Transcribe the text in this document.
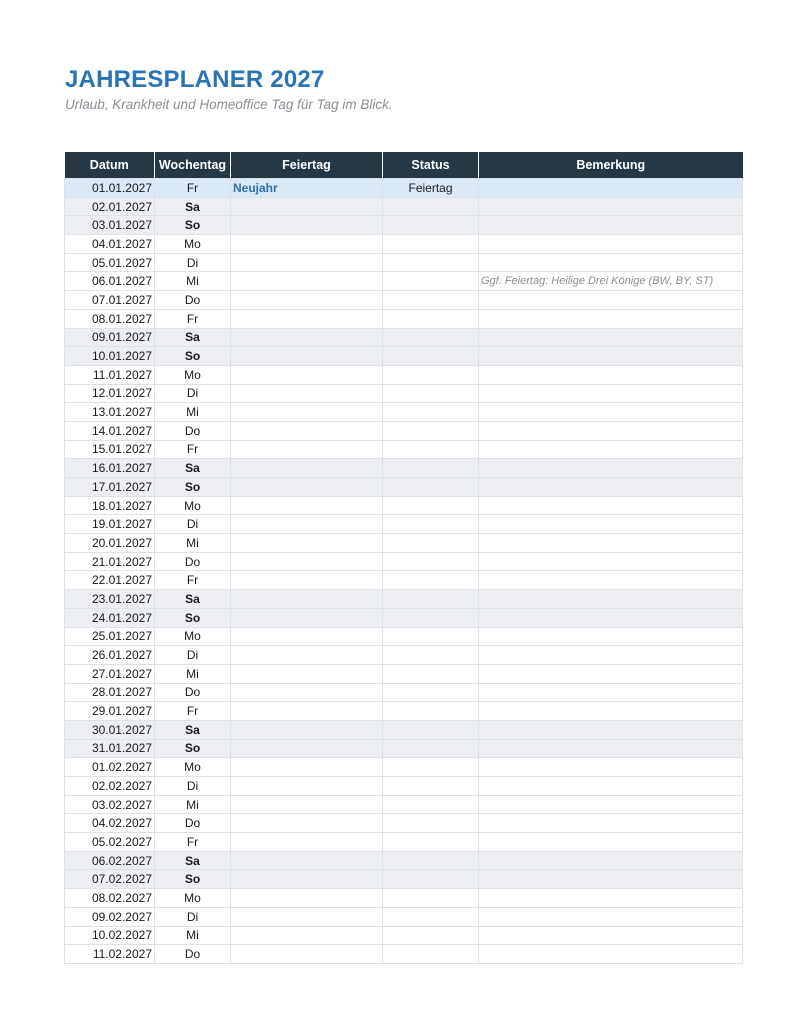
JAHRESPLANER 2027

Urlaub, Krankheit und Homeoffice Tag für Tag im Blick.

Datum	Wochentag	Feiertag	Status	Bemerkung
01.01.2027	Fr	Neujahr	Feiertag	
02.01.2027	Sa			
03.01.2027	So			
04.01.2027	Mo			
05.01.2027	Di			
06.01.2027	Mi			Ggf. Feiertag: Heilige Drei Könige (BW, BY, ST)
07.01.2027	Do			
08.01.2027	Fr			
09.01.2027	Sa			
10.01.2027	So			
11.01.2027	Mo			
12.01.2027	Di			
13.01.2027	Mi			
14.01.2027	Do			
15.01.2027	Fr			
16.01.2027	Sa			
17.01.2027	So			
18.01.2027	Mo			
19.01.2027	Di			
20.01.2027	Mi			
21.01.2027	Do			
22.01.2027	Fr			
23.01.2027	Sa			
24.01.2027	So			
25.01.2027	Mo			
26.01.2027	Di			
27.01.2027	Mi			
28.01.2027	Do			
29.01.2027	Fr			
30.01.2027	Sa			
31.01.2027	So			
01.02.2027	Mo			
02.02.2027	Di			
03.02.2027	Mi			
04.02.2027	Do			
05.02.2027	Fr			
06.02.2027	Sa			
07.02.2027	So			
08.02.2027	Mo			
09.02.2027	Di			
10.02.2027	Mi			
11.02.2027	Do			
